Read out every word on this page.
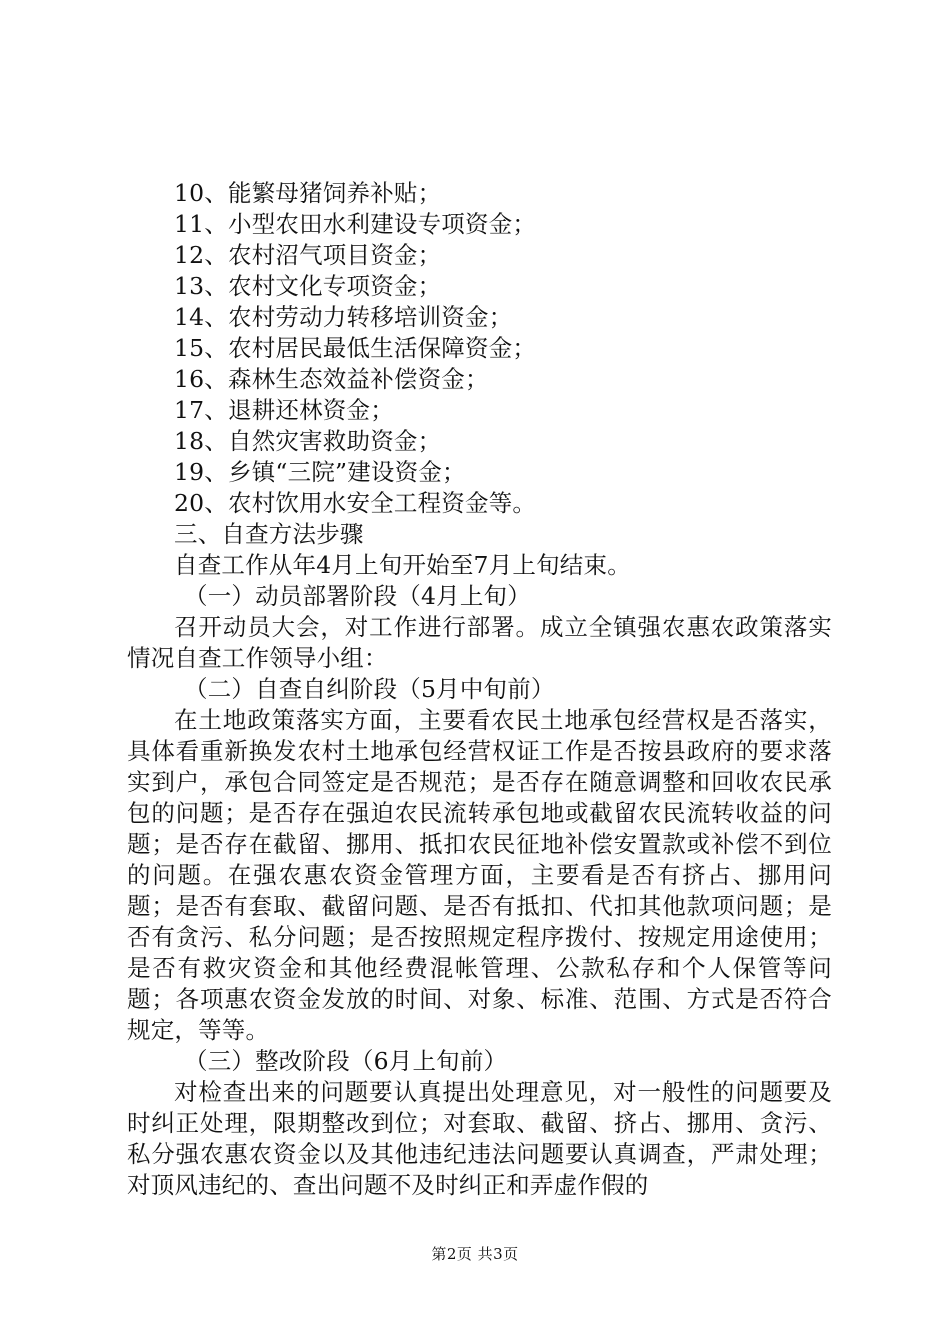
10、能繁母猪饲养补贴；
11、小型农田水利建设专项资金；
12、农村沼气项目资金；
13、农村文化专项资金；
14、农村劳动力转移培训资金；
15、农村居民最低生活保障资金；
16、森林生态效益补偿资金；
17、退耕还林资金；
18、自然灾害救助资金；
19、乡镇“三院”建设资金；
20、农村饮用水安全工程资金等。
三、自查方法步骤
自查工作从年4月上旬开始至7月上旬结束。
（一）动员部署阶段（4月上旬）
召开动员大会，对工作进行部署。成立全镇强农惠农政策落实情况自查工作领导小组：
（二）自查自纠阶段（5月中旬前）
在土地政策落实方面，主要看农民土地承包经营权是否落实，具体看重新换发农村土地承包经营权证工作是否按县政府的要求落实到户，承包合同签定是否规范；是否存在随意调整和回收农民承包的问题；是否存在强迫农民流转承包地或截留农民流转收益的问题；是否存在截留、挪用、抵扣农民征地补偿安置款或补偿不到位的问题。在强农惠农资金管理方面，主要看是否有挤占、挪用问题；是否有套取、截留问题、是否有抵扣、代扣其他款项问题；是否有贪污、私分问题；是否按照规定程序拨付、按规定用途使用；是否有救灾资金和其他经费混帐管理、公款私存和个人保管等问题；各项惠农资金发放的时间、对象、标准、范围、方式是否符合规定，等等。
（三）整改阶段（6月上旬前）
对检查出来的问题要认真提出处理意见，对一般性的问题要及时纠正处理，限期整改到位；对套取、截留、挤占、挪用、贪污、私分强农惠农资金以及其他违纪违法问题要认真调查，严肃处理；对顶风违纪的、查出问题不及时纠正和弄虚作假的
第2页 共3页
